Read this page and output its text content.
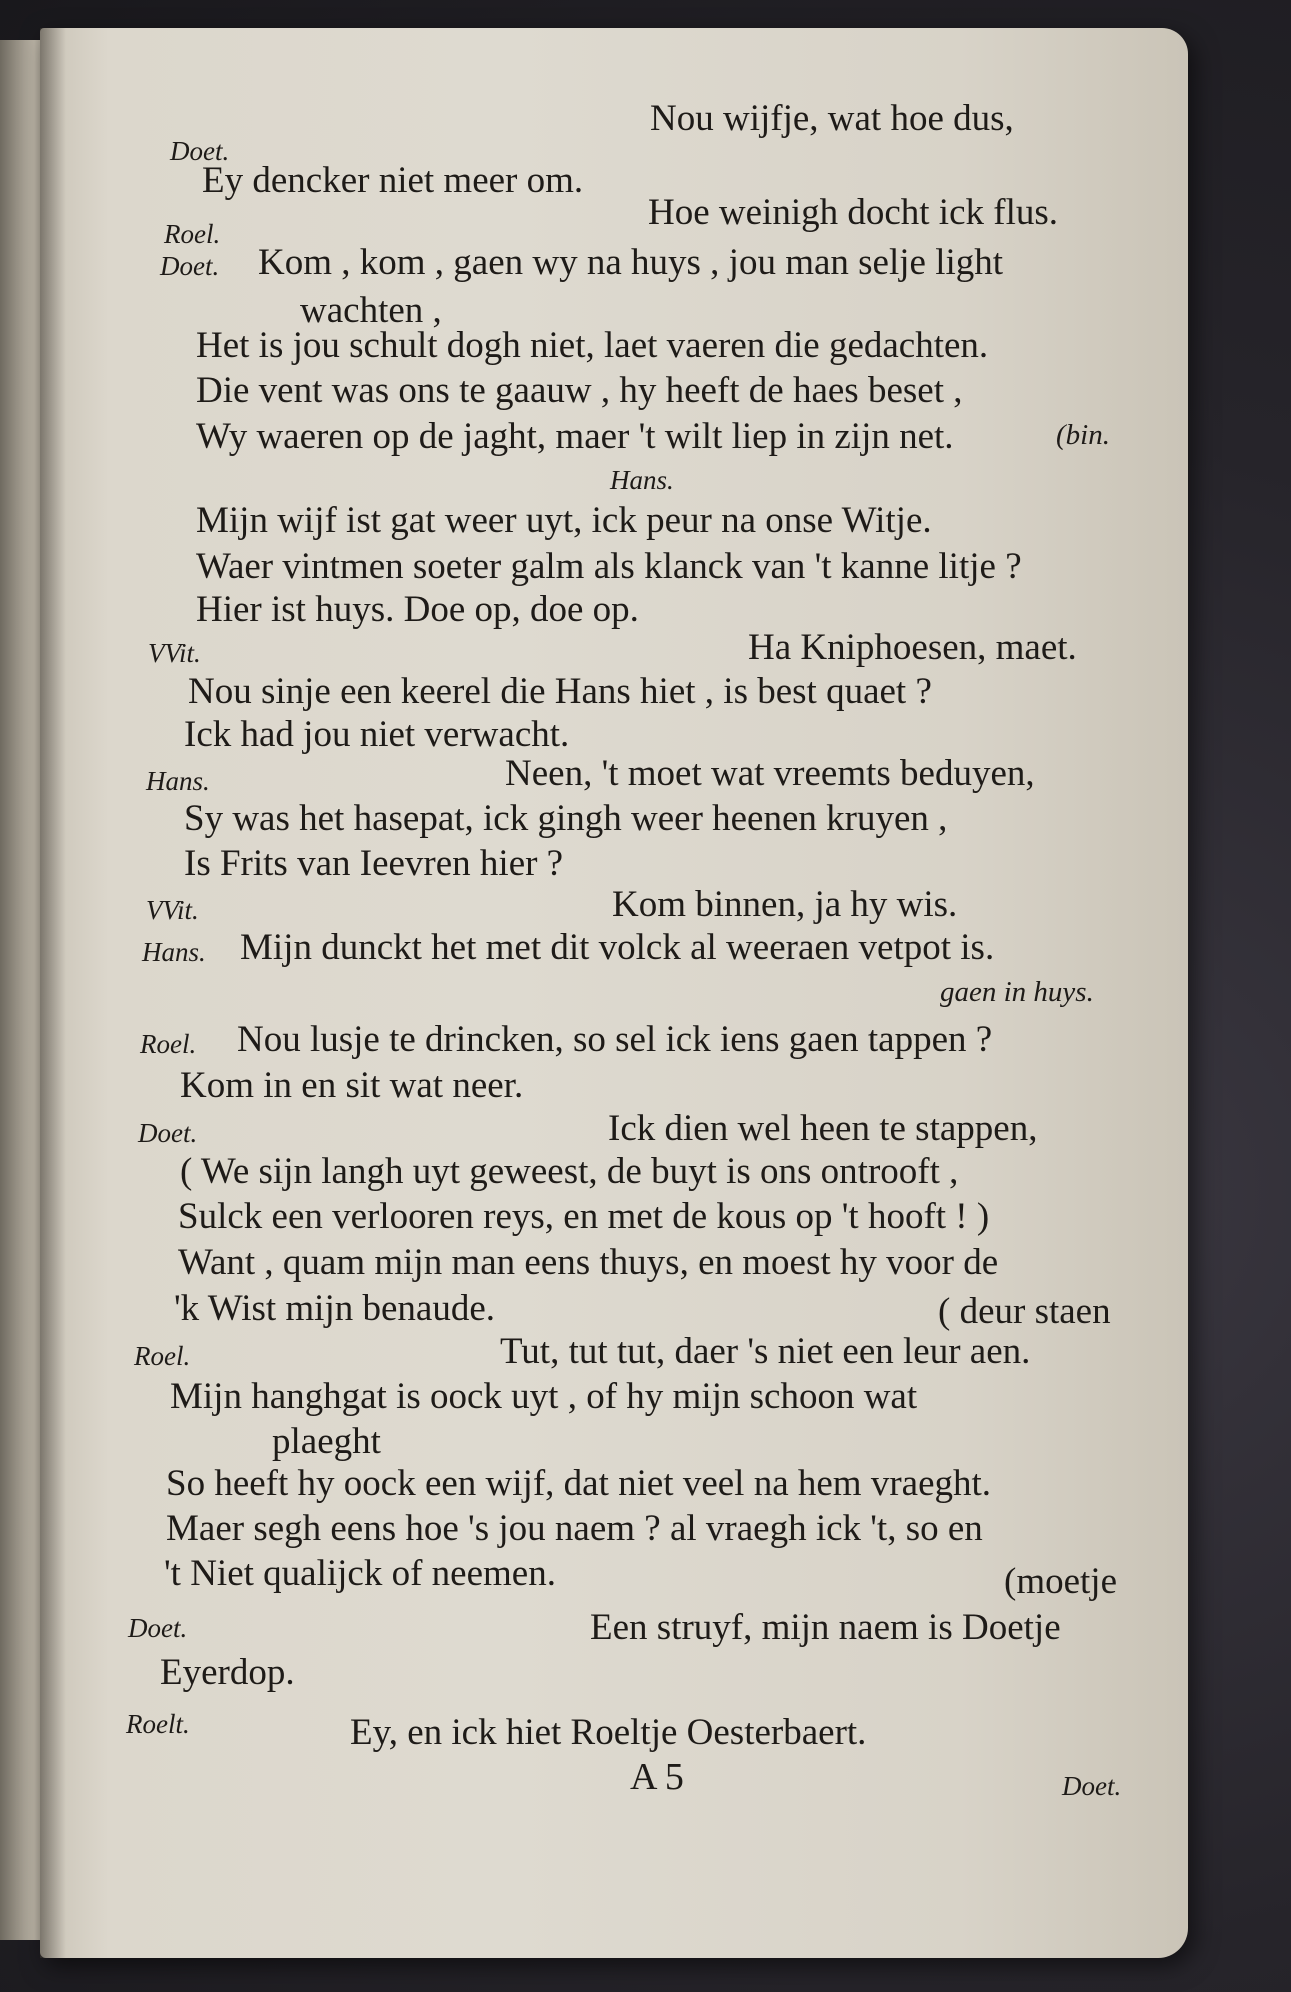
Nou wijfje, wat hoe dus,
Ey dencker niet meer om.
Hoe weinigh docht ick flus.
Kom , kom , gaen wy na huys , jou man selje light
wachten ,
Het is jou schult dogh niet, laet vaeren die gedachten.
Die vent was ons te gaauw , hy heeft de haes beset ,
Wy waeren op de jaght, maer 't wilt liep in zijn net.
Mijn wijf ist gat weer uyt, ick peur na onse Witje.
Waer vintmen soeter galm als klanck van 't kanne litje ?
Hier ist huys. Doe op, doe op.
Ha Kniphoesen, maet.
Nou sinje een keerel die Hans hiet , is best quaet ?
Ick had jou niet verwacht.
Neen, 't moet wat vreemts beduyen,
Sy was het hasepat, ick gingh weer heenen kruyen ,
Is Frits van Ieevren hier ?
Kom binnen, ja hy wis.
Mijn dunckt het met dit volck al weeraen vetpot is.
Nou lusje te drincken, so sel ick iens gaen tappen ?
Kom in en sit wat neer.
Ick dien wel heen te stappen,
( We sijn langh uyt geweest, de buyt is ons ontrooft ,
Sulck een verlooren reys, en met de kous op 't hooft ! )
Want , quam mijn man eens thuys, en moest hy voor de
'k Wist mijn benaude.
Tut, tut tut, daer 's niet een leur aen.
Mijn hanghgat is oock uyt , of hy mijn schoon wat
plaeght
So heeft hy oock een wijf, dat niet veel na hem vraeght.
Maer segh eens hoe 's jou naem ? al vraegh ick 't, so en
't Niet qualijck of neemen.
Een struyf, mijn naem is Doetje
Eyerdop.
Ey, en ick hiet Roeltje Oesterbaert.
Doet.
Roel.
Doet.
Hans.
VVit.
Hans.
VVit.
Hans.
Roel.
Doet.
Roel.
Doet.
Roelt.
(bin.
gaen in huys.
( deur staen
(moetje
A 5	Doet.
